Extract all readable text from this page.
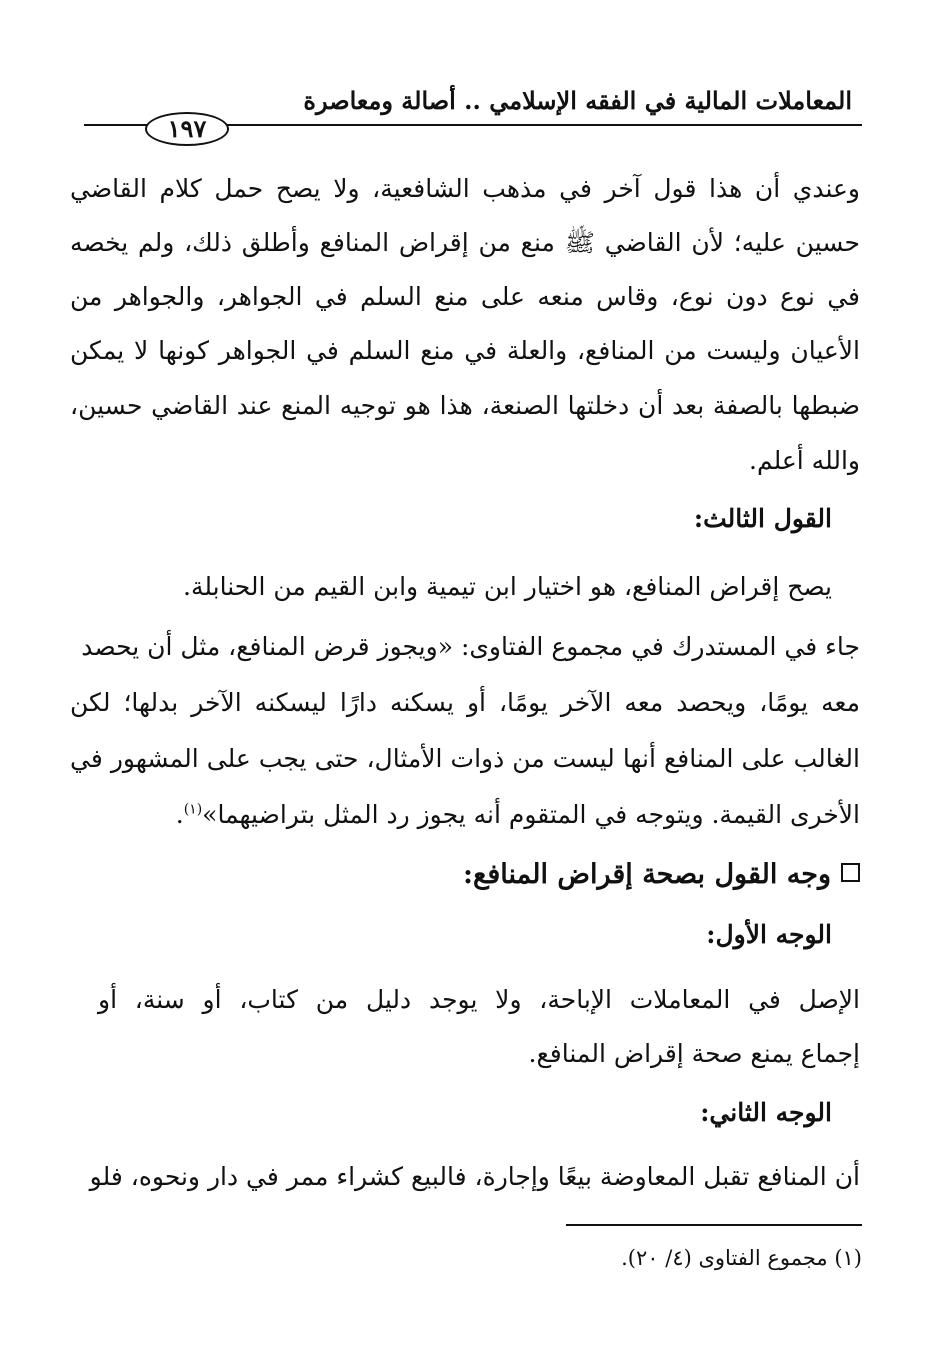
المعاملات المالية في الفقه الإسلامي .. أصالة ومعاصرة
١٩٧
وعندي أن هذا قول آخر في مذهب الشافعية، ولا يصح حمل كلام القاضي
حسين عليه؛ لأن القاضي ﷺ منع من إقراض المنافع وأطلق ذلك، ولم يخصه
في نوع دون نوع، وقاس منعه على منع السلم في الجواهر، والجواهر من
الأعيان وليست من المنافع، والعلة في منع السلم في الجواهر كونها لا يمكن
ضبطها بالصفة بعد أن دخلتها الصنعة، هذا هو توجيه المنع عند القاضي حسين،
والله أعلم.
القول الثالث:
يصح إقراض المنافع، هو اختيار ابن تيمية وابن القيم من الحنابلة.
جاء في المستدرك في مجموع الفتاوى: «ويجوز قرض المنافع، مثل أن يحصد
معه يومًا، ويحصد معه الآخر يومًا، أو يسكنه دارًا ليسكنه الآخر بدلها؛ لكن
الغالب على المنافع أنها ليست من ذوات الأمثال، حتى يجب على المشهور في
الأخرى القيمة. ويتوجه في المتقوم أنه يجوز رد المثل بتراضيهما»$^{(١)}$.
وجه القول بصحة إقراض المنافع:
الوجه الأول:
الإصل في المعاملات الإباحة، ولا يوجد دليل من كتاب، أو سنة، أو
إجماع يمنع صحة إقراض المنافع.
الوجه الثاني:
أن المنافع تقبل المعاوضة بيعًا وإجارة، فالبيع كشراء ممر في دار ونحوه، فلو
(١) مجموع الفتاوى (٤/ ٢٠).
